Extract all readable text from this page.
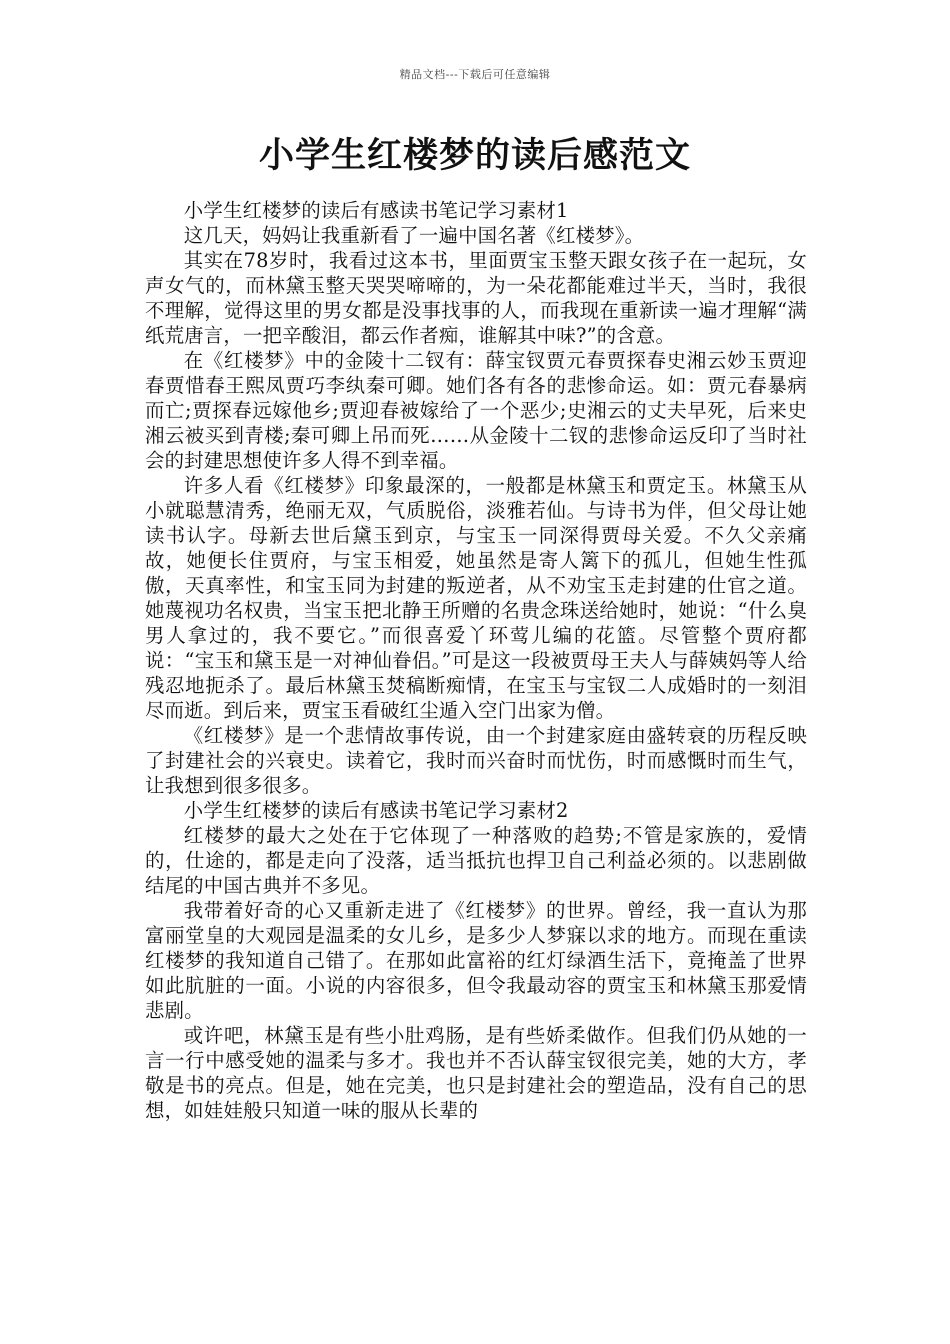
精品文档---下载后可任意编辑
小学生红楼梦的读后感范文

小学生红楼梦的读后有感读书笔记学习素材1

这几天，妈妈让我重新看了一遍中国名著《红楼梦》。

其实在78岁时，我看过这本书，里面贾宝玉整天跟女孩子在一起玩，女声女气的，而林黛玉整天哭哭啼啼的，为一朵花都能难过半天，当时，我很不理解，觉得这里的男女都是没事找事的人，而我现在重新读一遍才理解“满纸荒唐言，一把辛酸泪，都云作者痴，谁解其中味?”的含意。

在《红楼梦》中的金陵十二钗有：薛宝钗贾元春贾探春史湘云妙玉贾迎春贾惜春王熙凤贾巧李纨秦可卿。她们各有各的悲惨命运。如：贾元春暴病而亡;贾探春远嫁他乡;贾迎春被嫁给了一个恶少;史湘云的丈夫早死，后来史湘云被买到青楼;秦可卿上吊而死……从金陵十二钗的悲惨命运反印了当时社会的封建思想使许多人得不到幸福。

许多人看《红楼梦》印象最深的，一般都是林黛玉和贾定玉。林黛玉从小就聪慧清秀，绝丽无双，气质脱俗，淡雅若仙。与诗书为伴，但父母让她读书认字。母新去世后黛玉到京，与宝玉一同深得贾母关爱。不久父亲痛故，她便长住贾府，与宝玉相爱，她虽然是寄人篱下的孤儿，但她生性孤傲，天真率性，和宝玉同为封建的叛逆者，从不劝宝玉走封建的仕官之道。她蔑视功名权贵，当宝玉把北静王所赠的名贵念珠送给她时，她说：“什么臭男人拿过的，我不要它。”而很喜爱丫环莺儿编的花篮。尽管整个贾府都说：“宝玉和黛玉是一对神仙眷侣。”可是这一段被贾母王夫人与薛姨妈等人给残忍地扼杀了。最后林黛玉焚稿断痴情，在宝玉与宝钗二人成婚时的一刻泪尽而逝。到后来，贾宝玉看破红尘遁入空门出家为僧。

《红楼梦》是一个悲情故事传说，由一个封建家庭由盛转衰的历程反映了封建社会的兴衰史。读着它，我时而兴奋时而忧伤，时而感慨时而生气，让我想到很多很多。

小学生红楼梦的读后有感读书笔记学习素材2

红楼梦的最大之处在于它体现了一种落败的趋势;不管是家族的，爱情的，仕途的，都是走向了没落，适当抵抗也捍卫自己利益必须的。以悲剧做结尾的中国古典并不多见。

我带着好奇的心又重新走进了《红楼梦》的世界。曾经，我一直认为那富丽堂皇的大观园是温柔的女儿乡，是多少人梦寐以求的地方。而现在重读红楼梦的我知道自己错了。在那如此富裕的红灯绿酒生活下，竟掩盖了世界如此肮脏的一面。小说的内容很多，但令我最动容的贾宝玉和林黛玉那爱情悲剧。

或许吧，林黛玉是有些小肚鸡肠，是有些娇柔做作。但我们仍从她的一言一行中感受她的温柔与多才。我也并不否认薛宝钗很完美，她的大方，孝敬是书的亮点。但是，她在完美，也只是封建社会的塑造品，没有自己的思想，如娃娃般只知道一味的服从长辈的
